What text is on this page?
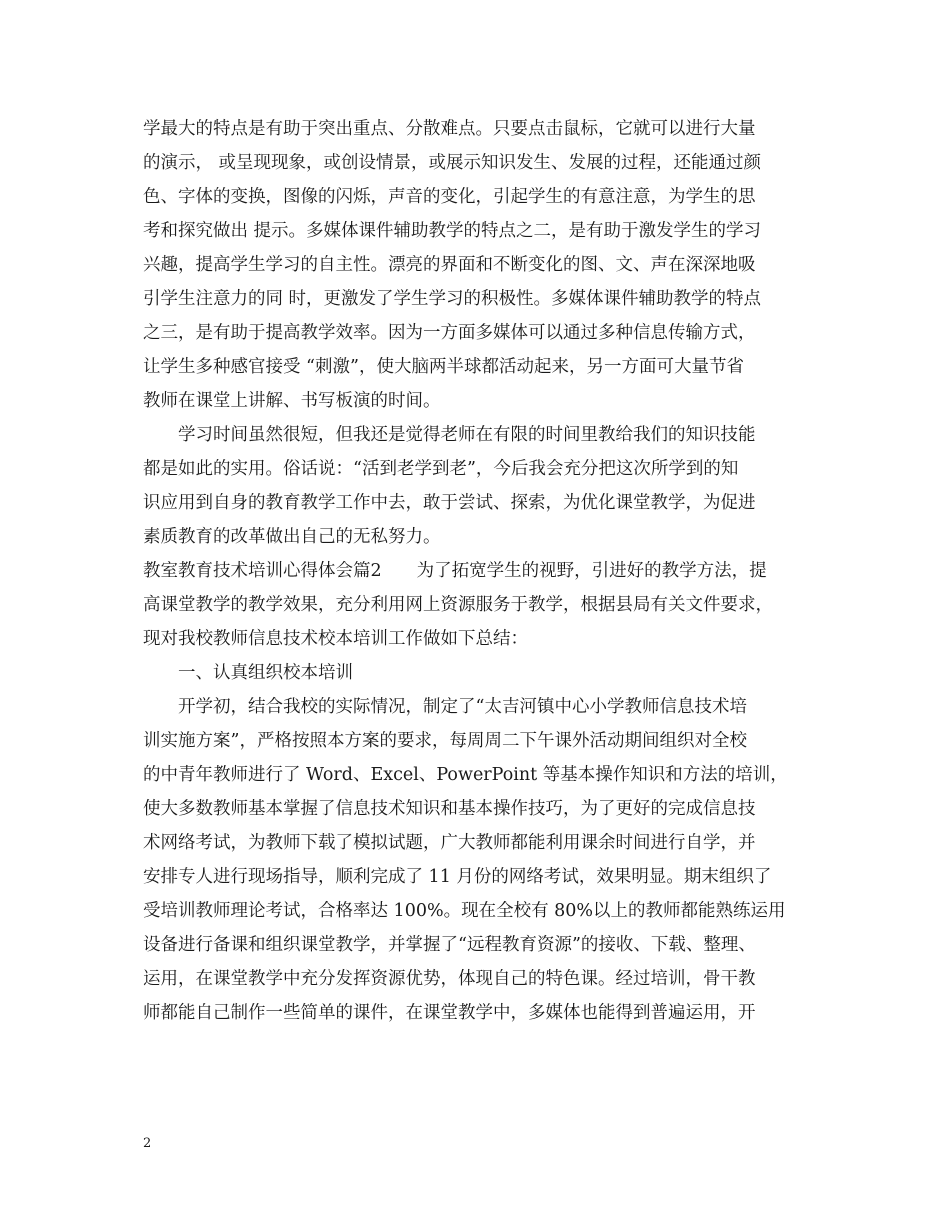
学最大的特点是有助于突出重点、分散难点。只要点击鼠标，它就可以进行大量
的演示， 或呈现现象，或创设情景，或展示知识发生、发展的过程，还能通过颜
色、字体的变换，图像的闪烁，声音的变化，引起学生的有意注意，为学生的思
考和探究做出 提示。多媒体课件辅助教学的特点之二，是有助于激发学生的学习
兴趣，提高学生学习的自主性。漂亮的界面和不断变化的图、文、声在深深地吸
引学生注意力的同 时，更激发了学生学习的积极性。多媒体课件辅助教学的特点
之三，是有助于提高教学效率。因为一方面多媒体可以通过多种信息传输方式，
让学生多种感官接受 “刺激”，使大脑两半球都活动起来，另一方面可大量节省
教师在课堂上讲解、书写板演的时间。
　　学习时间虽然很短，但我还是觉得老师在有限的时间里教给我们的知识技能
都是如此的实用。俗话说：“活到老学到老”，今后我会充分把这次所学到的知
识应用到自身的教育教学工作中去，敢于尝试、探索，为优化课堂教学，为促进
素质教育的改革做出自己的无私努力。
教室教育技术培训心得体会篇2　　为了拓宽学生的视野，引进好的教学方法，提
高课堂教学的教学效果，充分利用网上资源服务于教学，根据县局有关文件要求，
现对我校教师信息技术校本培训工作做如下总结：
　　一、认真组织校本培训
　　开学初，结合我校的实际情况，制定了“太吉河镇中心小学教师信息技术培
训实施方案”，严格按照本方案的要求，每周周二下午课外活动期间组织对全校
的中青年教师进行了 Word、Excel、PowerPoint 等基本操作知识和方法的培训，
使大多数教师基本掌握了信息技术知识和基本操作技巧，为了更好的完成信息技
术网络考试，为教师下载了模拟试题，广大教师都能利用课余时间进行自学，并
安排专人进行现场指导，顺利完成了 11 月份的网络考试，效果明显。期末组织了
受培训教师理论考试，合格率达 100%。现在全校有 80%以上的教师都能熟练运用
设备进行备课和组织课堂教学，并掌握了“远程教育资源”的接收、下载、整理、
运用，在课堂教学中充分发挥资源优势，体现自己的特色课。经过培训，骨干教
师都能自己制作一些简单的课件，在课堂教学中，多媒体也能得到普遍运用，开
2
